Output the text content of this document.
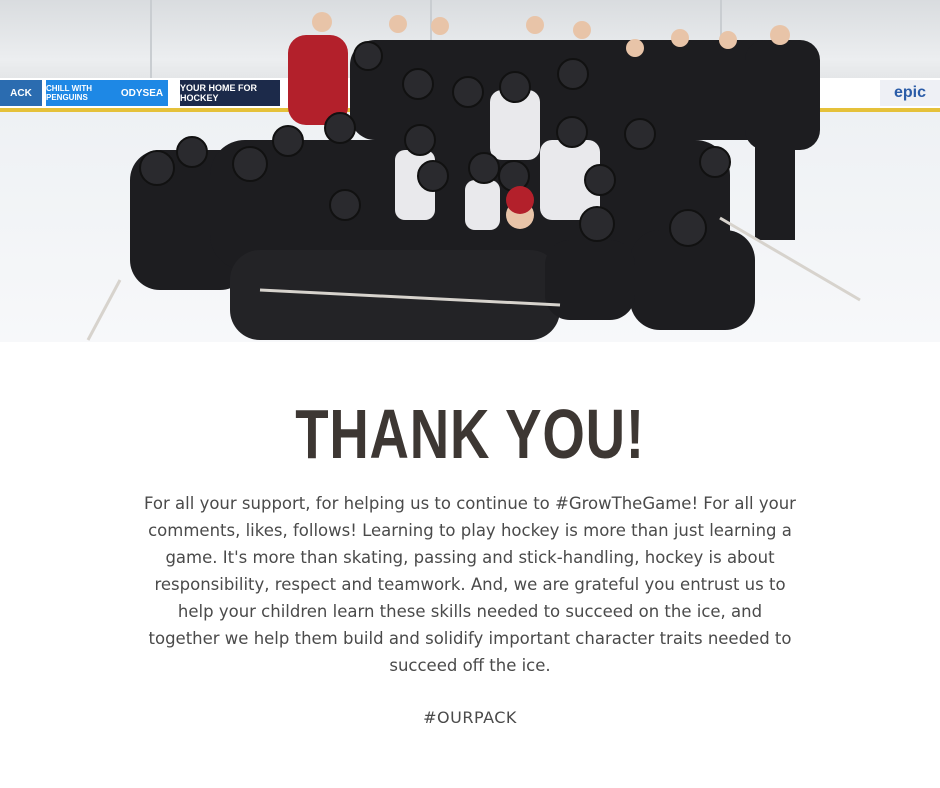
ACK	CHILL WITH PENGUINS	ODYSEA	YOUR HOME FOR HOCKEY	epic
THANK YOU!
For all your support, for helping us to continue to #GrowTheGame! For all your comments, likes, follows! Learning to play hockey is more than just learning a game. It's more than skating, passing and stick-handling, hockey is about responsibility, respect and teamwork. And, we are grateful you entrust us to help your children learn these skills needed to succeed on the ice, and together we help them build and solidify important character traits needed to succeed off the ice.
#OURPACK
